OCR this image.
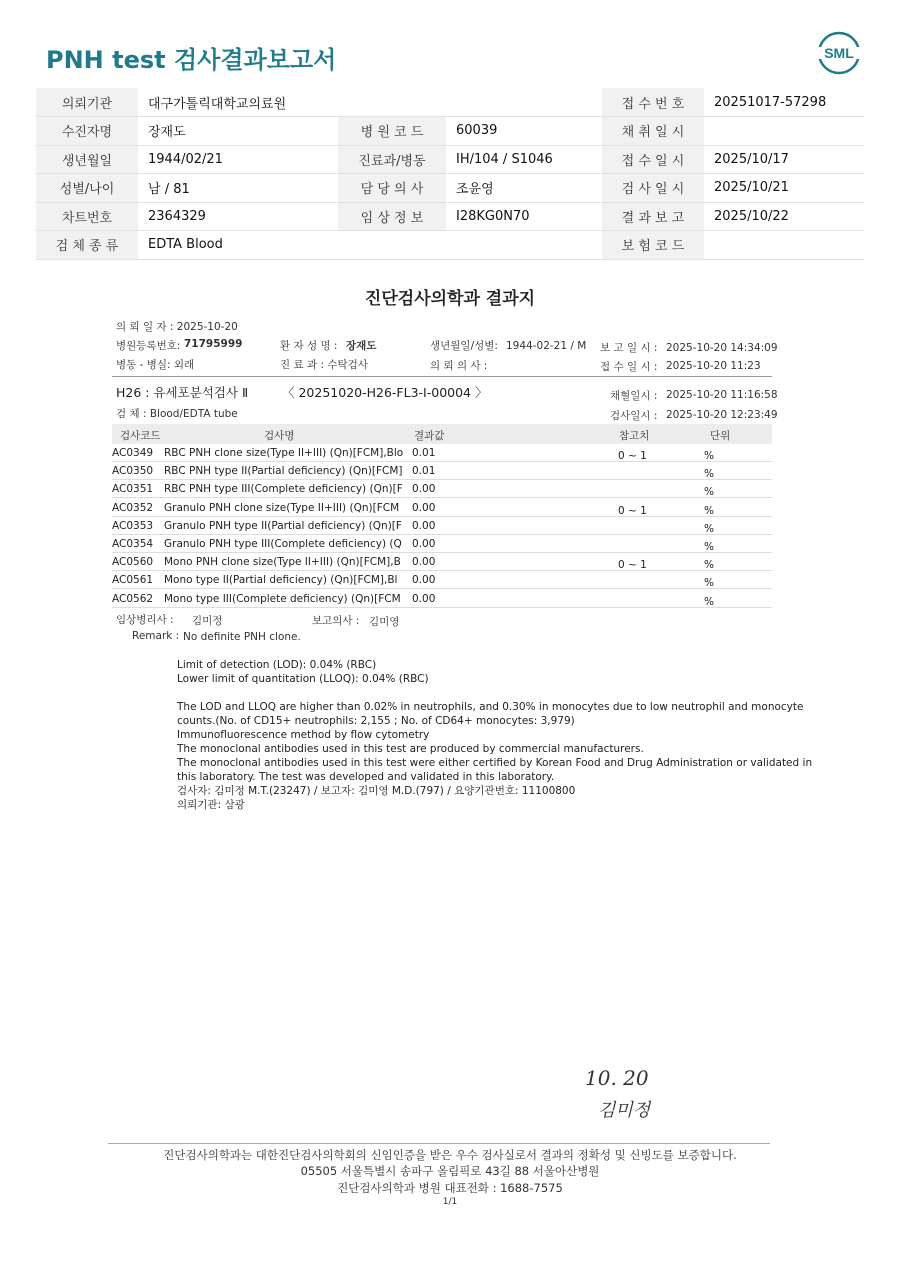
PNH test 검사결과보고서	SML
의뢰기관	대구가톨릭대학교의료원			접 수 번 호	20251017-57298
수진자명	장재도	병 원 코 드	60039	채 취 일 시	
생년월일	1944/02/21	진료과/병동	IH/104 / S1046	접 수 일 시	2025/10/17
성별/나이	남 / 81	담 당 의 사	조윤영	검 사 일 시	2025/10/21
차트번호	2364329	임 상 정 보	I28KG0N70	결 과 보 고	2025/10/22
검 체 종 류	EDTA Blood			보 험 코 드	
진단검사의학과 결과지
의 뢰 일 자 : 2025-10-20
병원등록번호: 71795999	환 자 성 명 : 장재도	생년월일/성별: 1944-02-21 / M 보 고 일 시 : 2025-10-20 14:34:09
병동 - 병실: 외래	진 료 과 : 수탁검사	의 뢰 의 사 :	접 수 일 시 : 2025-10-20 11:23
H26 : 유세포분석검사 Ⅱ	〈 20251020-H26-FL3-I-00004 〉	채혈일시 : 2025-10-20 11:16:58
검 체 : Blood/EDTA tube	검사일시 : 2025-10-20 12:23:49
검사코드	검사명	결과값	참고치	단위
AC0349 RBC PNH clone size(Type II+III) (Qn)[FCM],Blo 0.01	0 ~ 1	%
AC0350 RBC PNH type II(Partial deficiency) (Qn)[FCM] 0.01	%
AC0351 RBC PNH type III(Complete deficiency) (Qn)[F 0.00	%
AC0352 Granulo PNH clone size(Type II+III) (Qn)[FCM	0.00	0 ~ 1	%
AC0353 Granulo PNH type II(Partial deficiency) (Qn)[F 0.00	%
AC0354 Granulo PNH type III(Complete deficiency) (Q 0.00	%
AC0560 Mono PNH clone size(Type II+III) (Qn)[FCM],B	0.00	0 ~ 1	%
AC0561 Mono type II(Partial deficiency) (Qn)[FCM],Bl	0.00	%
AC0562 Mono type III(Complete deficiency) (Qn)[FCM	0.00	%
임상병리사 : 김미정	보고의사 : 김미영
Remark : No definite PNH clone.
Limit of detection (LOD): 0.04% (RBC)
Lower limit of quantitation (LLOQ): 0.04% (RBC)
The LOD and LLOQ are higher than 0.02% in neutrophils, and 0.30% in monocytes due to low neutrophil and monocyte
counts.(No. of CD15+ neutrophils: 2,155 ; No. of CD64+ monocytes: 3,979)
Immunofluorescence method by flow cytometry
The monoclonal antibodies used in this test are produced by commercial manufacturers.
The monoclonal antibodies used in this test were either certified by Korean Food and Drug Administration or validated in
this laboratory. The test was developed and validated in this laboratory.
검사자: 김미정 M.T.(23247) / 보고자: 김미영 M.D.(797) / 요양기관번호: 11100800
의뢰기관: 삼광
10. 20
김미정
진단검사의학과는 대한진단검사의학회의 신임인증을 받은 우수 검사실로서 결과의 정확성 및 신빙도를 보증합니다.
05505 서울특별시 송파구 올림픽로 43길 88 서울아산병원
진단검사의학과 병원 대표전화 : 1688-7575
1/1
